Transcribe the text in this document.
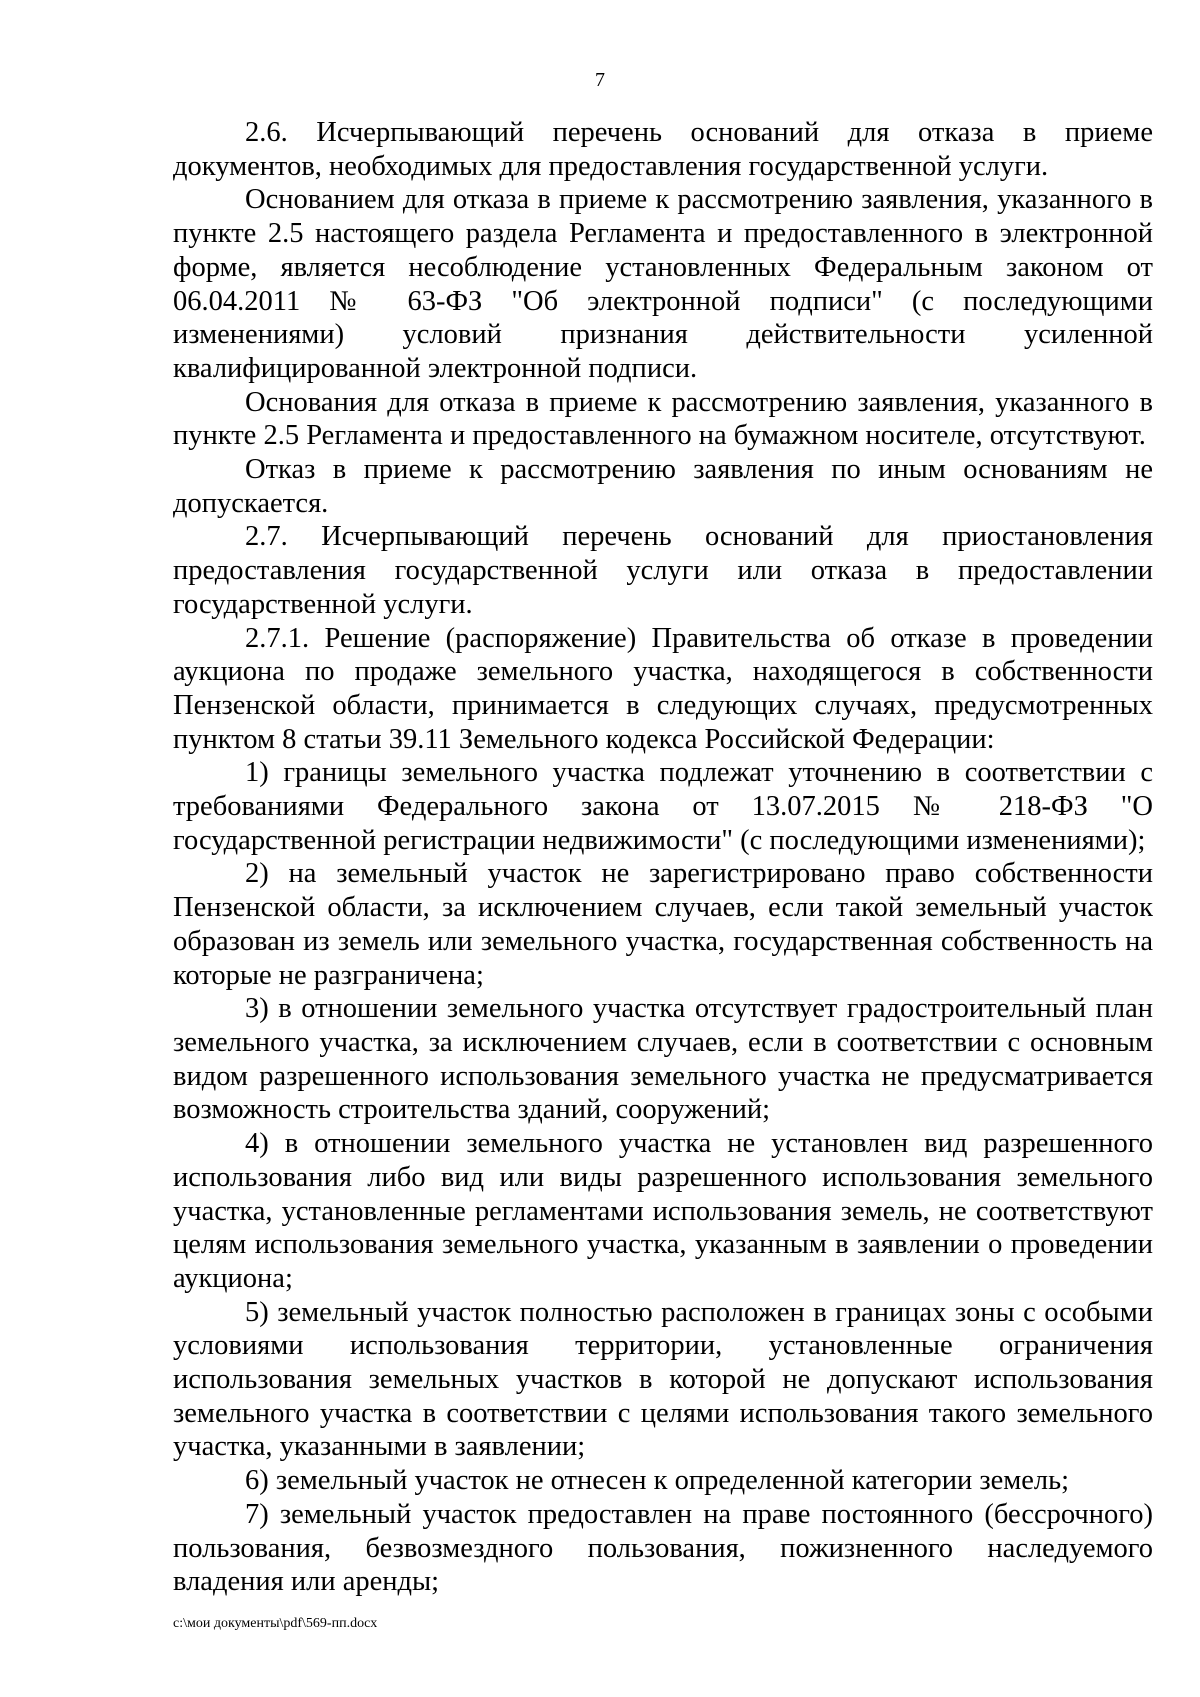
7

2.6. Исчерпывающий перечень оснований для отказа в приеме документов, необходимых для предоставления государственной услуги.

Основанием для отказа в приеме к рассмотрению заявления, указанного в пункте 2.5 настоящего раздела Регламента и предоставленного в электронной форме, является несоблюдение установленных Федеральным законом от 06.04.2011 № 63-ФЗ "Об электронной подписи" (с последующими изменениями) условий признания действительности усиленной квалифицированной электронной подписи.

Основания для отказа в приеме к рассмотрению заявления, указанного в пункте 2.5 Регламента и предоставленного на бумажном носителе, отсутствуют.

Отказ в приеме к рассмотрению заявления по иным основаниям не допускается.

2.7. Исчерпывающий перечень оснований для приостановления предоставления государственной услуги или отказа в предоставлении государственной услуги.

2.7.1. Решение (распоряжение) Правительства об отказе в проведении аукциона по продаже земельного участка, находящегося в собственности Пензенской области, принимается в следующих случаях, предусмотренных пунктом 8 статьи 39.11 Земельного кодекса Российской Федерации:

1) границы земельного участка подлежат уточнению в соответствии с требованиями Федерального закона от 13.07.2015 № 218-ФЗ "О государственной регистрации недвижимости" (с последующими изменениями);

2) на земельный участок не зарегистрировано право собственности Пензенской области, за исключением случаев, если такой земельный участок образован из земель или земельного участка, государственная собственность на которые не разграничена;

3) в отношении земельного участка отсутствует градостроительный план земельного участка, за исключением случаев, если в соответствии с основным видом разрешенного использования земельного участка не предусматривается возможность строительства зданий, сооружений;

4) в отношении земельного участка не установлен вид разрешенного использования либо вид или виды разрешенного использования земельного участка, установленные регламентами использования земель, не соответствуют целям использования земельного участка, указанным в заявлении о проведении аукциона;

5) земельный участок полностью расположен в границах зоны с особыми условиями использования территории, установленные ограничения использования земельных участков в которой не допускают использования земельного участка в соответствии с целями использования такого земельного участка, указанными в заявлении;

6) земельный участок не отнесен к определенной категории земель;

7) земельный участок предоставлен на праве постоянного (бессрочного) пользования, безвозмездного пользования, пожизненного наследуемого владения или аренды;

c:\мои документы\pdf\569-пп.docx
